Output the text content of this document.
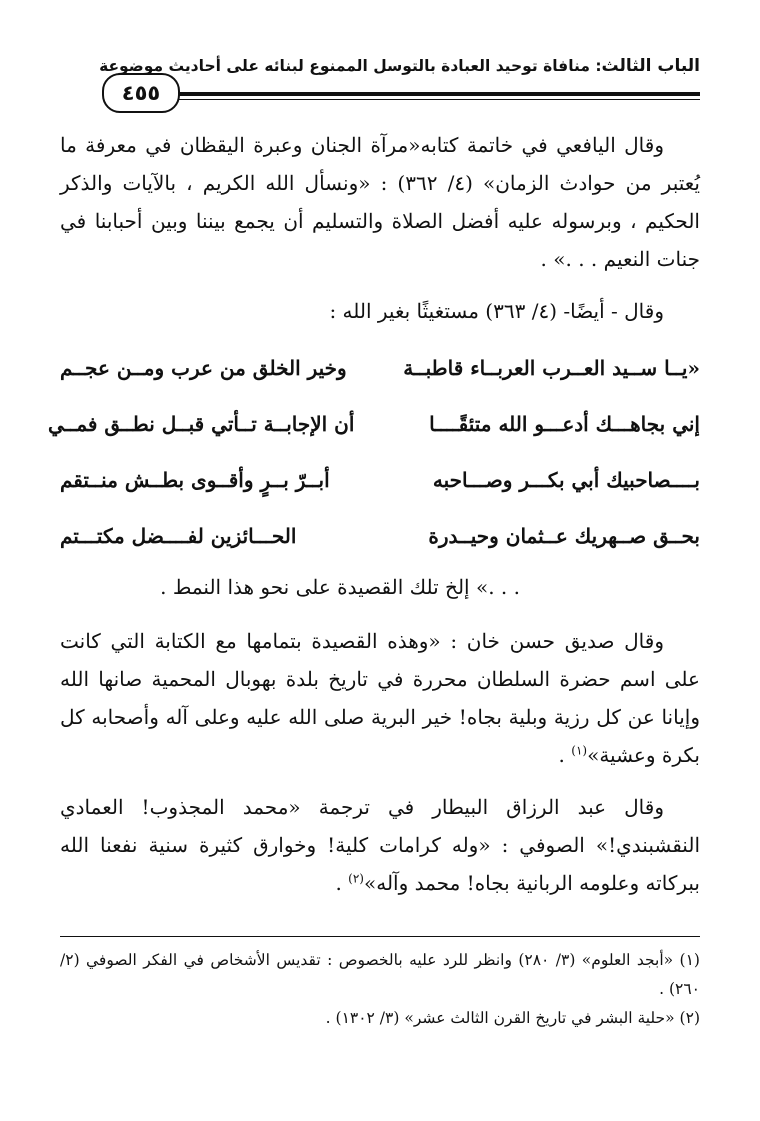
٤٥٥
الباب الثالث: منافاة توحيد العبادة بالتوسل الممنوع لبنائه على أحاديث موضوعة

وقال اليافعي في خاتمة كتابه«مرآة الجنان وعبرة اليقظان في معرفة ما يُعتبر من حوادث الزمان» (٤/ ٣٦٢) : «ونسأل الله الكريم ، بالآيات والذكر الحكيم ، وبرسوله عليه أفضل الصلاة والتسليم أن يجمع بيننا وبين أحبابنا في جنات النعيم . . .» .

وقال - أيضًا- (٤/ ٣٦٣) مستغيثًا بغير الله :

«يــا ســيد العــرب العربــاء قاطبــة
وخير الخلق من عرب ومــن عجــم
إني بجاهـــك أدعـــو الله متئقًــــا
أن الإجابــة تــأتي قبــل نطــق فمــي
بــــصاحبيك أبي بكـــر وصـــاحبه
أبــرّ بــرٍ وأقــوى بطــش منــتقم
بحــق صــهريك عــثمان وحيــدرة
الحـــائزين لفــــضل مكتـــتم

. . .» إلخ تلك القصيدة على نحو هذا النمط .

وقال صديق حسن خان : «وهذه القصيدة بتمامها مع الكتابة التي كانت على اسم حضرة السلطان محررة في تاريخ بلدة بهوبال المحمية صانها الله وإيانا عن كل رزية وبلية بجاه! خير البرية صلى الله عليه وعلى آله وأصحابه كل بكرة وعشية»$^{(١)}$ .

وقال عبد الرزاق البيطار في ترجمة «محمد المجذوب! العمادي النقشبندي!» الصوفي : «وله كرامات كلية! وخوارق كثيرة سنية نفعنا الله ببركاته وعلومه الربانية بجاه! محمد وآله»$^{(٢)}$ .

(١) «أبجد العلوم» (٣/ ٢٨٠) وانظر للرد عليه بالخصوص : تقديس الأشخاص في الفكر الصوفي (٢/ ٢٦٠) .

(٢) «حلية البشر في تاريخ القرن الثالث عشر» (٣/ ١٣٠٢) .
